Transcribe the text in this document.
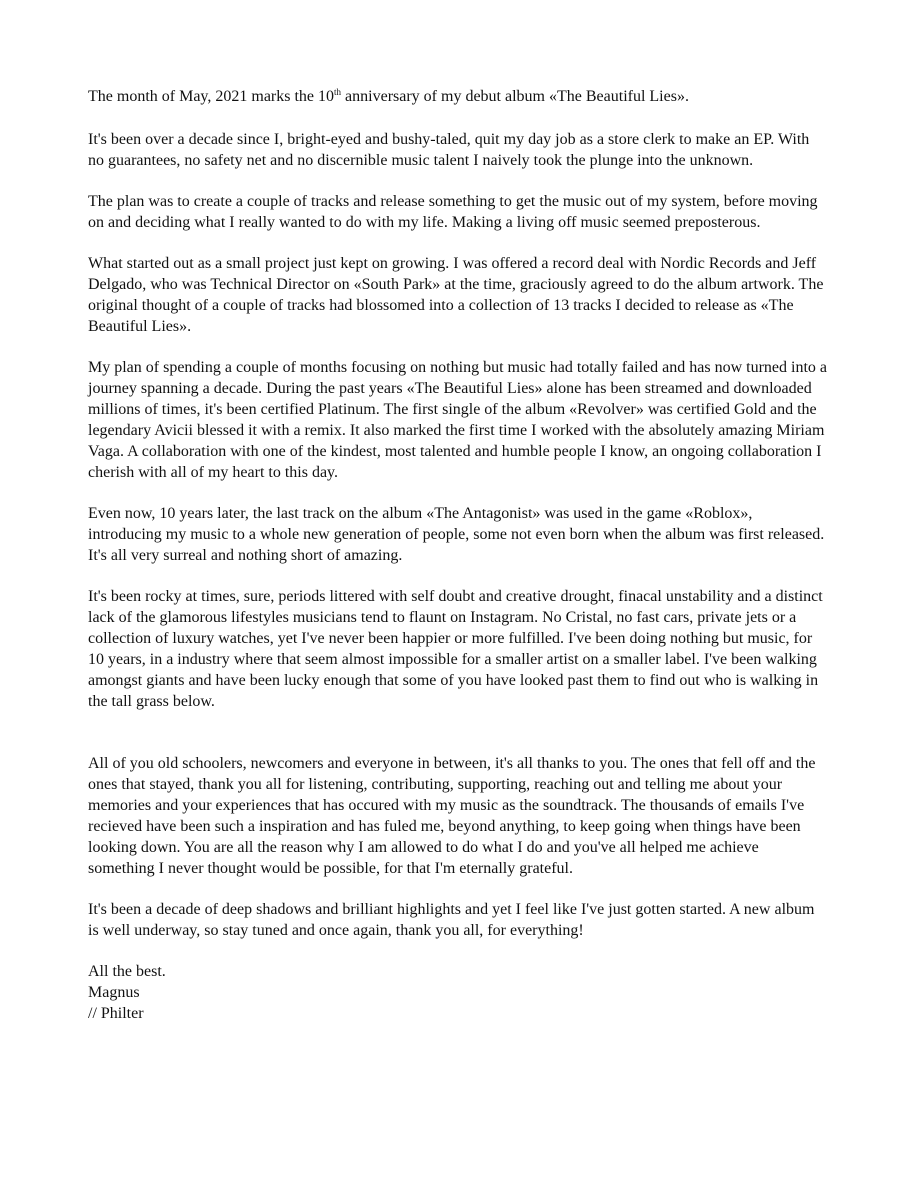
The month of May, 2021 marks the 10th anniversary of my debut album «The Beautiful Lies».

It's been over a decade since I, bright-eyed and bushy-taled, quit my day job as a store clerk to make an EP. With no guarantees, no safety net and no discernible music talent I naively took the plunge into the unknown.

The plan was to create a couple of tracks and release something to get the music out of my system, before moving on and deciding what I really wanted to do with my life. Making a living off music seemed preposterous.

What started out as a small project just kept on growing. I was offered a record deal with Nordic Records and Jeff Delgado, who was Technical Director on «South Park» at the time, graciously agreed to do the album artwork. The original thought of a couple of tracks had blossomed into a collection of 13 tracks I decided to release as «The Beautiful Lies».

My plan of spending a couple of months focusing on nothing but music had totally failed and has now turned into a journey spanning a decade. During the past years «The Beautiful Lies» alone has been streamed and downloaded millions of times, it's been certified Platinum. The first single of the album «Revolver» was certified Gold and the legendary Avicii blessed it with a remix. It also marked the first time I worked with the absolutely amazing Miriam Vaga. A collaboration with one of the kindest, most talented and humble people I know, an ongoing collaboration I cherish with all of my heart to this day.

Even now, 10 years later, the last track on the album «The Antagonist» was used in the game «Roblox», introducing my music to a whole new generation of people, some not even born when the album was first released. It's all very surreal and nothing short of amazing.

It's been rocky at times, sure, periods littered with self doubt and creative drought, finacal unstability and a distinct lack of the glamorous lifestyles musicians tend to flaunt on Instagram. No Cristal, no fast cars, private jets or a collection of luxury watches, yet I've never been happier or more fulfilled. I've been doing nothing but music, for 10 years, in a industry where that seem almost impossible for a smaller artist on a smaller label. I've been walking amongst giants and have been lucky enough that some of you have looked past them to find out who is walking in the tall grass below.

All of you old schoolers, newcomers and everyone in between, it's all thanks to you. The ones that fell off and the ones that stayed, thank you all for listening, contributing, supporting, reaching out and telling me about your memories and your experiences that has occured with my music as the soundtrack. The thousands of emails I've recieved have been such a inspiration and has fuled me, beyond anything, to keep going when things have been looking down. You are all the reason why I am allowed to do what I do and you've all helped me achieve something I never thought would be possible, for that I'm eternally grateful.

It's been a decade of deep shadows and brilliant highlights and yet I feel like I've just gotten started. A new album is well underway, so stay tuned and once again, thank you all, for everything!

All the best.

Magnus

// Philter
